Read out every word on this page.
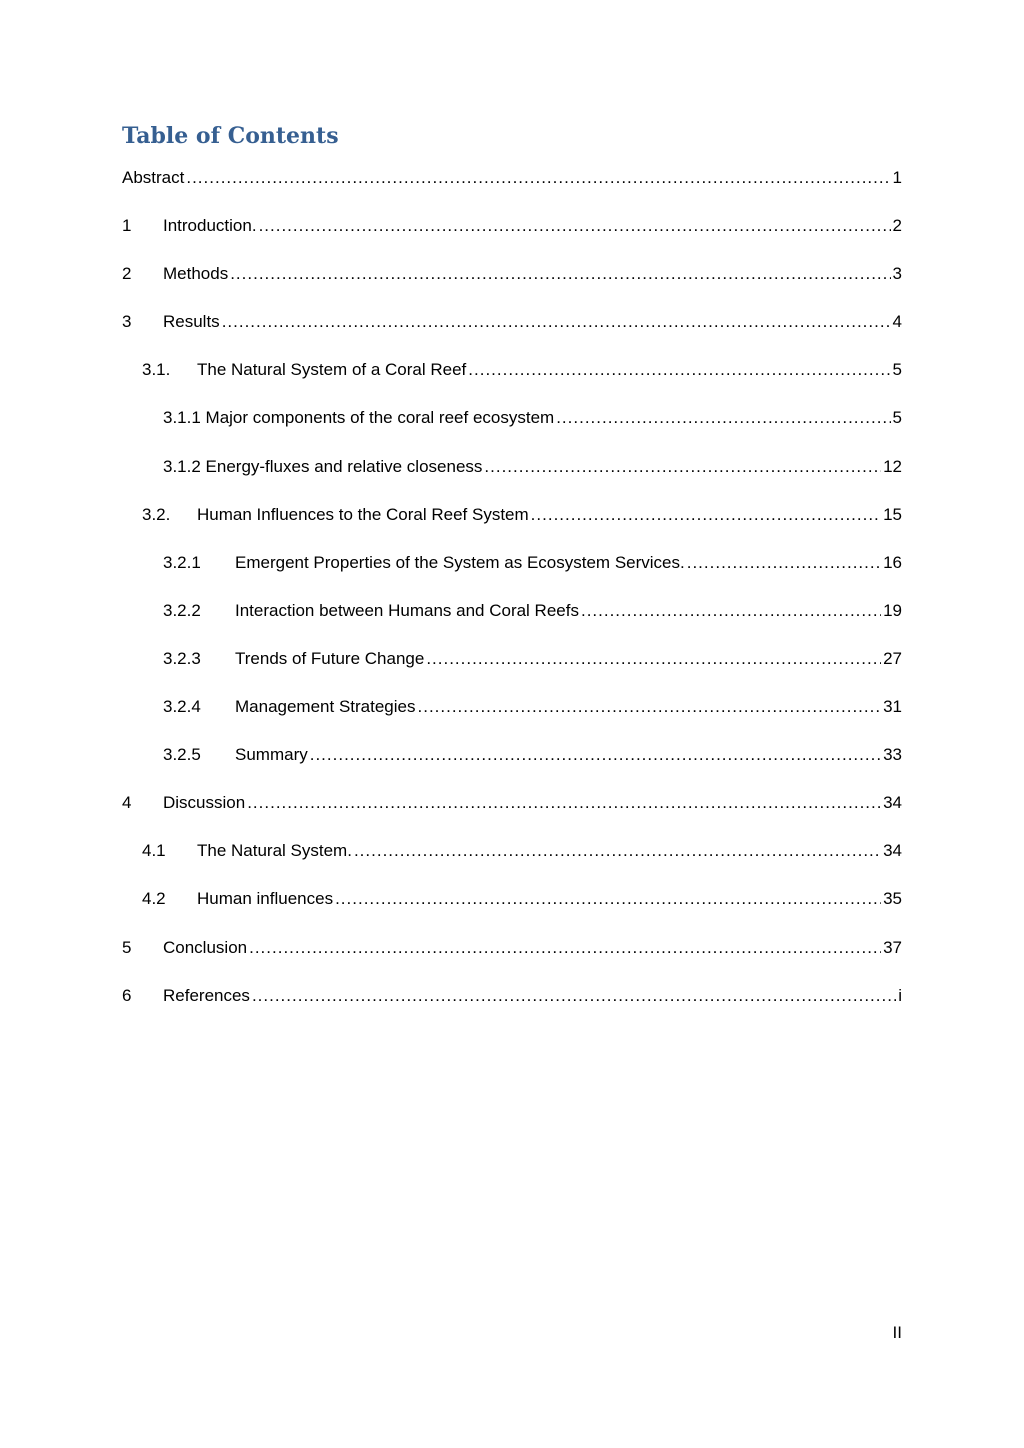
Table of Contents
Abstract .....	1
1	Introduction. .....	2
2	Methods .....	3
3	Results .....	4
3.1.	The Natural System of a Coral Reef .....	5
3.1.1 Major components of the coral reef ecosystem .....	5
3.1.2 Energy-fluxes and relative closeness .....	12
3.2.	Human Influences to the Coral Reef System .....	15
3.2.1	Emergent Properties of the System as Ecosystem Services. .....	16
3.2.2	Interaction between Humans and Coral Reefs .....	19
3.2.3	Trends of Future Change .....	27
3.2.4	Management Strategies .....	31
3.2.5	Summary .....	33
4	Discussion .....	34
4.1	The Natural System. .....	34
4.2	Human influences .....	35
5	Conclusion .....	37
6	References .....	i
II
